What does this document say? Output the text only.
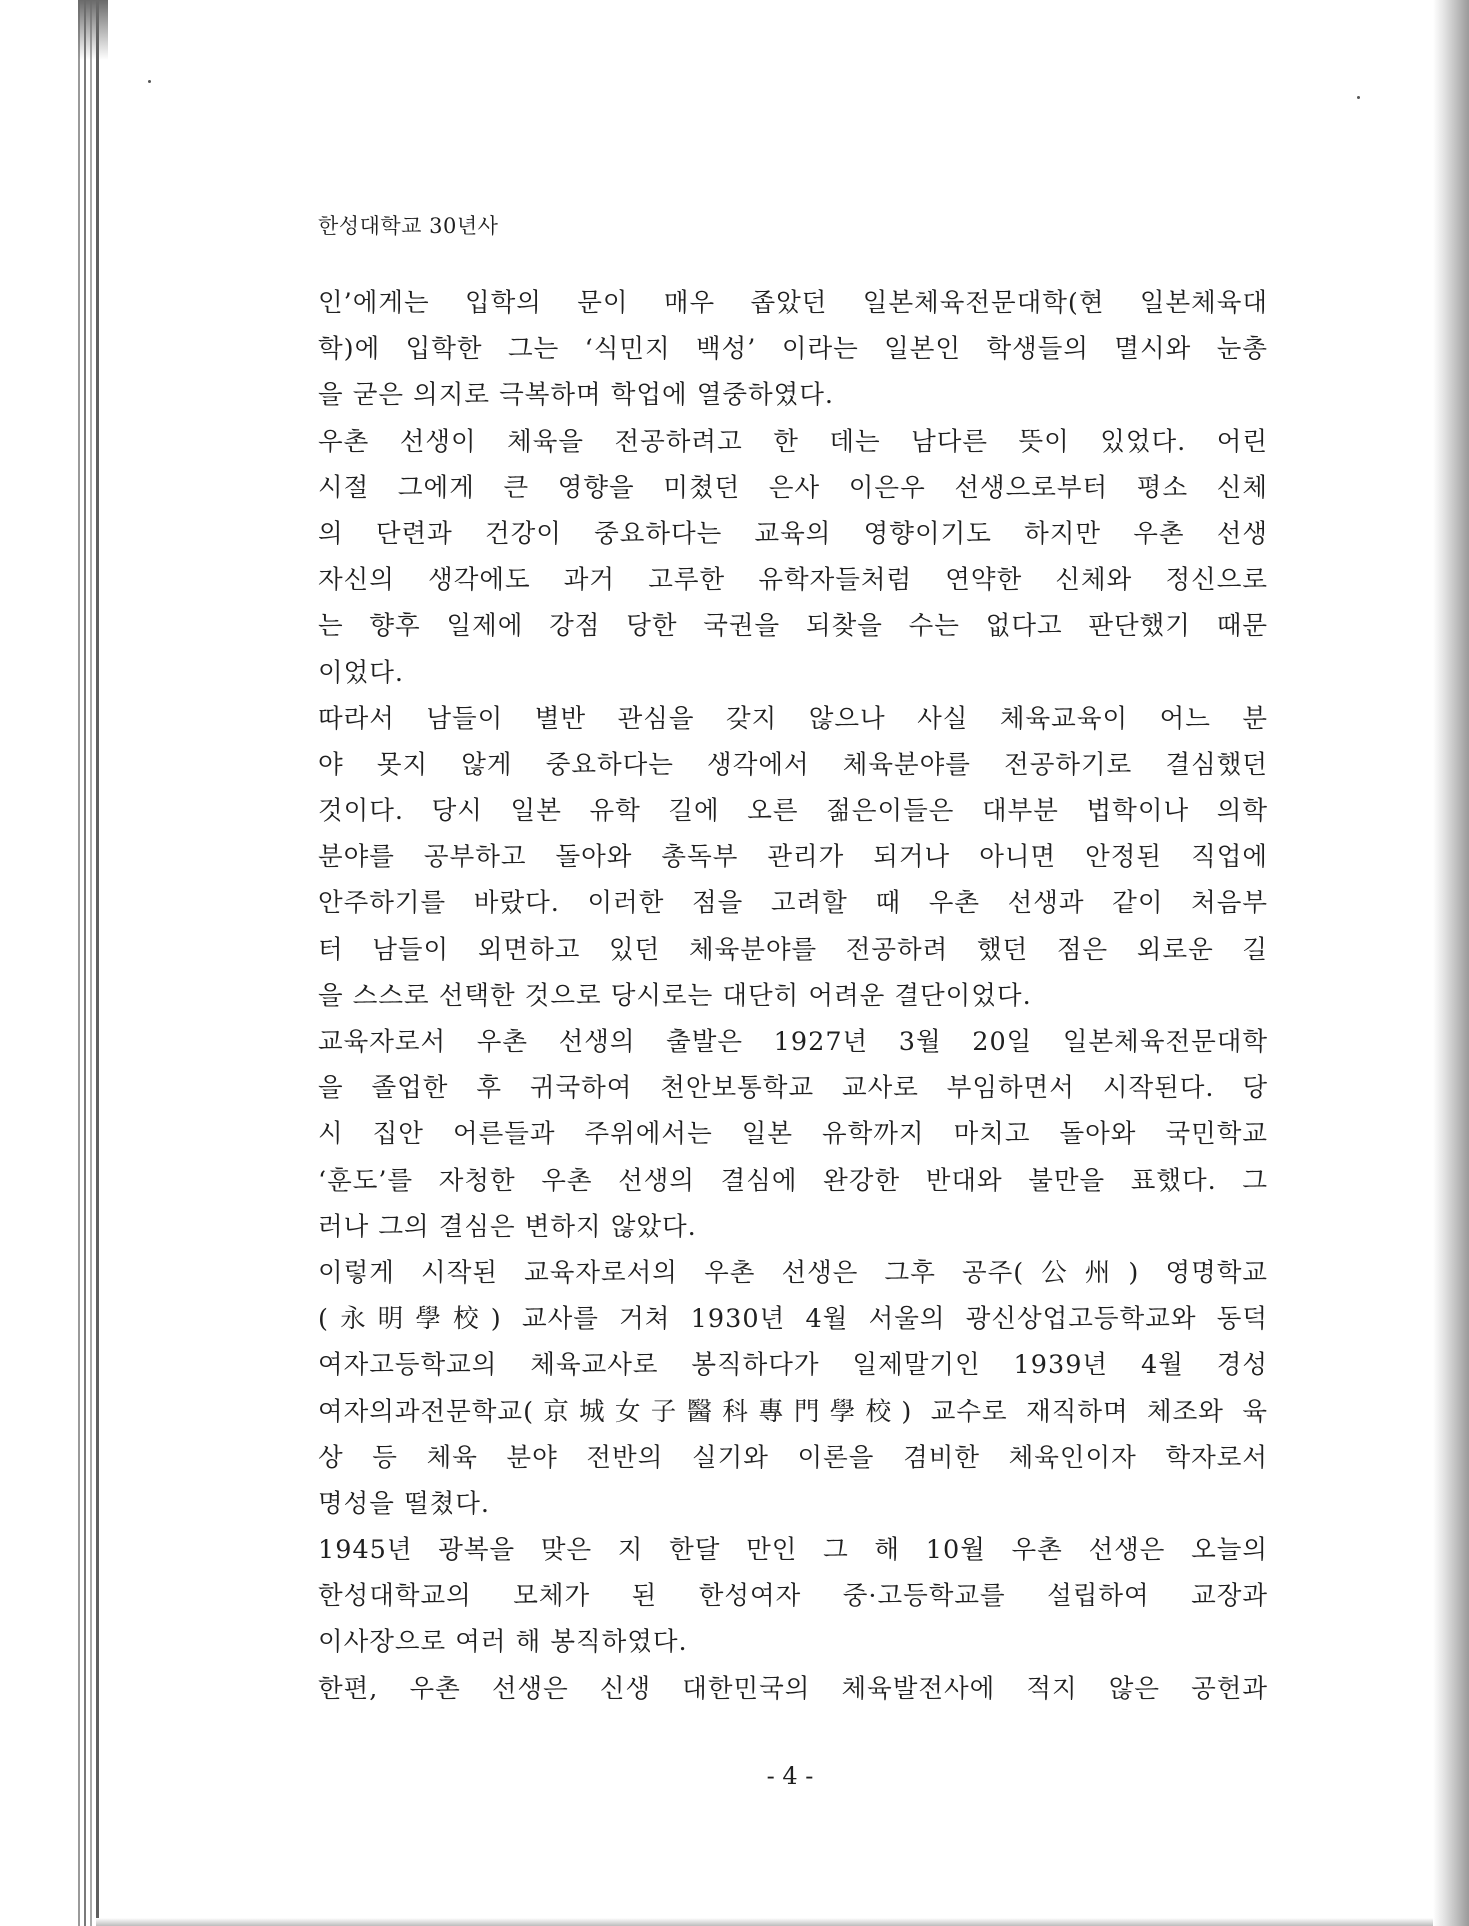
한성대학교 30년사
인’에게는 입학의 문이 매우 좁았던 일본체육전문대학(현 일본체육대
학)에 입학한 그는 ‘식민지 백성’ 이라는 일본인 학생들의 멸시와 눈총
을 굳은 의지로 극복하며 학업에 열중하였다.
우촌 선생이 체육을 전공하려고 한 데는 남다른 뜻이 있었다. 어린
시절 그에게 큰 영향을 미쳤던 은사 이은우 선생으로부터 평소 신체
의 단련과 건강이 중요하다는 교육의 영향이기도 하지만 우촌 선생
자신의 생각에도 과거 고루한 유학자들처럼 연약한 신체와 정신으로
는 향후 일제에 강점 당한 국권을 되찾을 수는 없다고 판단했기 때문
이었다.
따라서 남들이 별반 관심을 갖지 않으나 사실 체육교육이 어느 분
야 못지 않게 중요하다는 생각에서 체육분야를 전공하기로 결심했던
것이다. 당시 일본 유학 길에 오른 젊은이들은 대부분 법학이나 의학
분야를 공부하고 돌아와 총독부 관리가 되거나 아니면 안정된 직업에
안주하기를 바랐다. 이러한 점을 고려할 때 우촌 선생과 같이 처음부
터 남들이 외면하고 있던 체육분야를 전공하려 했던 점은 외로운 길
을 스스로 선택한 것으로 당시로는 대단히 어려운 결단이었다.
교육자로서 우촌 선생의 출발은 1927년 3월 20일 일본체육전문대학
을 졸업한 후 귀국하여 천안보통학교 교사로 부임하면서 시작된다. 당
시 집안 어른들과 주위에서는 일본 유학까지 마치고 돌아와 국민학교
‘훈도’를 자청한 우촌 선생의 결심에 완강한 반대와 불만을 표했다. 그
러나 그의 결심은 변하지 않았다.
이렇게 시작된 교육자로서의 우촌 선생은 그후 공주(公州) 영명학교
(永明學校) 교사를 거쳐 1930년 4월 서울의 광신상업고등학교와 동덕
여자고등학교의 체육교사로 봉직하다가 일제말기인 1939년 4월 경성
여자의과전문학교(京城女子醫科專門學校) 교수로 재직하며 체조와 육
상 등 체육 분야 전반의 실기와 이론을 겸비한 체육인이자 학자로서
명성을 떨쳤다.
1945년 광복을 맞은 지 한달 만인 그 해 10월 우촌 선생은 오늘의
한성대학교의 모체가 된 한성여자 중·고등학교를 설립하여 교장과
이사장으로 여러 해 봉직하였다.
한편, 우촌 선생은 신생 대한민국의 체육발전사에 적지 않은 공헌과
- 4 -
